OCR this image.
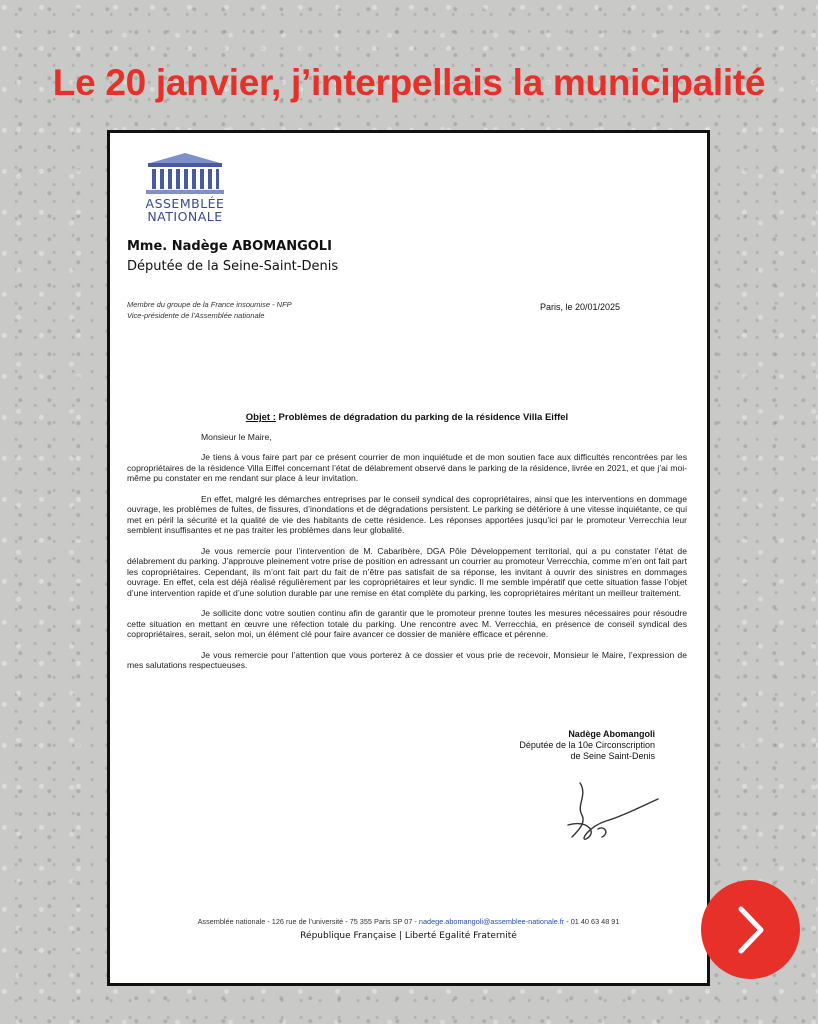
Le 20 janvier, j’interpellais la municipalité
ASSEMBLÉE
NATIONALE
Mme. Nadège ABOMANGOLI
Députée de la Seine-Saint-Denis
Membre du groupe de la France insoumise - NFP
Vice-présidente de l’Assemblée nationale
Paris, le 20/01/2025

Objet : Problèmes de dégradation du parking de la résidence Villa Eiffel

Monsieur le Maire,

Je tiens à vous faire part par ce présent courrier de mon inquiétude et de mon soutien face aux difficultés rencontrées par les copropriétaires de la résidence Villa Eiffel concernant l’état de délabrement observé dans le parking de la résidence, livrée en 2021, et que j’ai moi-même pu constater en me rendant sur place à leur invitation.

En effet, malgré les démarches entreprises par le conseil syndical des copropriétaires, ainsi que les interventions en dommage ouvrage, les problèmes de fuites, de fissures, d’inondations et de dégradations persistent. Le parking se détériore à une vitesse inquiétante, ce qui met en péril la sécurité et la qualité de vie des habitants de cette résidence. Les réponses apportées jusqu’ici par le promoteur Verrecchia leur semblent insuffisantes et ne pas traiter les problèmes dans leur globalité.

Je vous remercie pour l’intervention de M. Cabaribère, DGA Pôle Développement territorial, qui a pu constater l’état de délabrement du parking. J’approuve pleinement votre prise de position en adressant un courrier au promoteur Verrecchia, comme m’en ont fait part les copropriétaires. Cependant, ils m’ont fait part du fait de n’être pas satisfait de sa réponse, les invitant à ouvrir des sinistres en dommages ouvrage. En effet, cela est déjà réalisé régulièrement par les copropriétaires et leur syndic. Il me semble impératif que cette situation fasse l’objet d’une intervention rapide et d’une solution durable par une remise en état complète du parking, les copropriétaires méritant un meilleur traitement.

Je sollicite donc votre soutien continu afin de garantir que le promoteur prenne toutes les mesures nécessaires pour résoudre cette situation en mettant en œuvre une réfection totale du parking. Une rencontre avec M. Verrecchia, en présence de conseil syndical des copropriétaires, serait, selon moi, un élément clé pour faire avancer ce dossier de manière efficace et pérenne.

Je vous remercie pour l’attention que vous porterez à ce dossier et vous prie de recevoir, Monsieur le Maire, l’expression de mes salutations respectueuses.

Nadège Abomangoli
Députée de la 10e Circonscription
de Seine Saint-Denis
Assemblée nationale - 126 rue de l’université - 75 355 Paris SP 07 - nadege.abomangoli@assemblee-nationale.fr - 01 40 63 48 91
République Française | Liberté Egalité Fraternité
